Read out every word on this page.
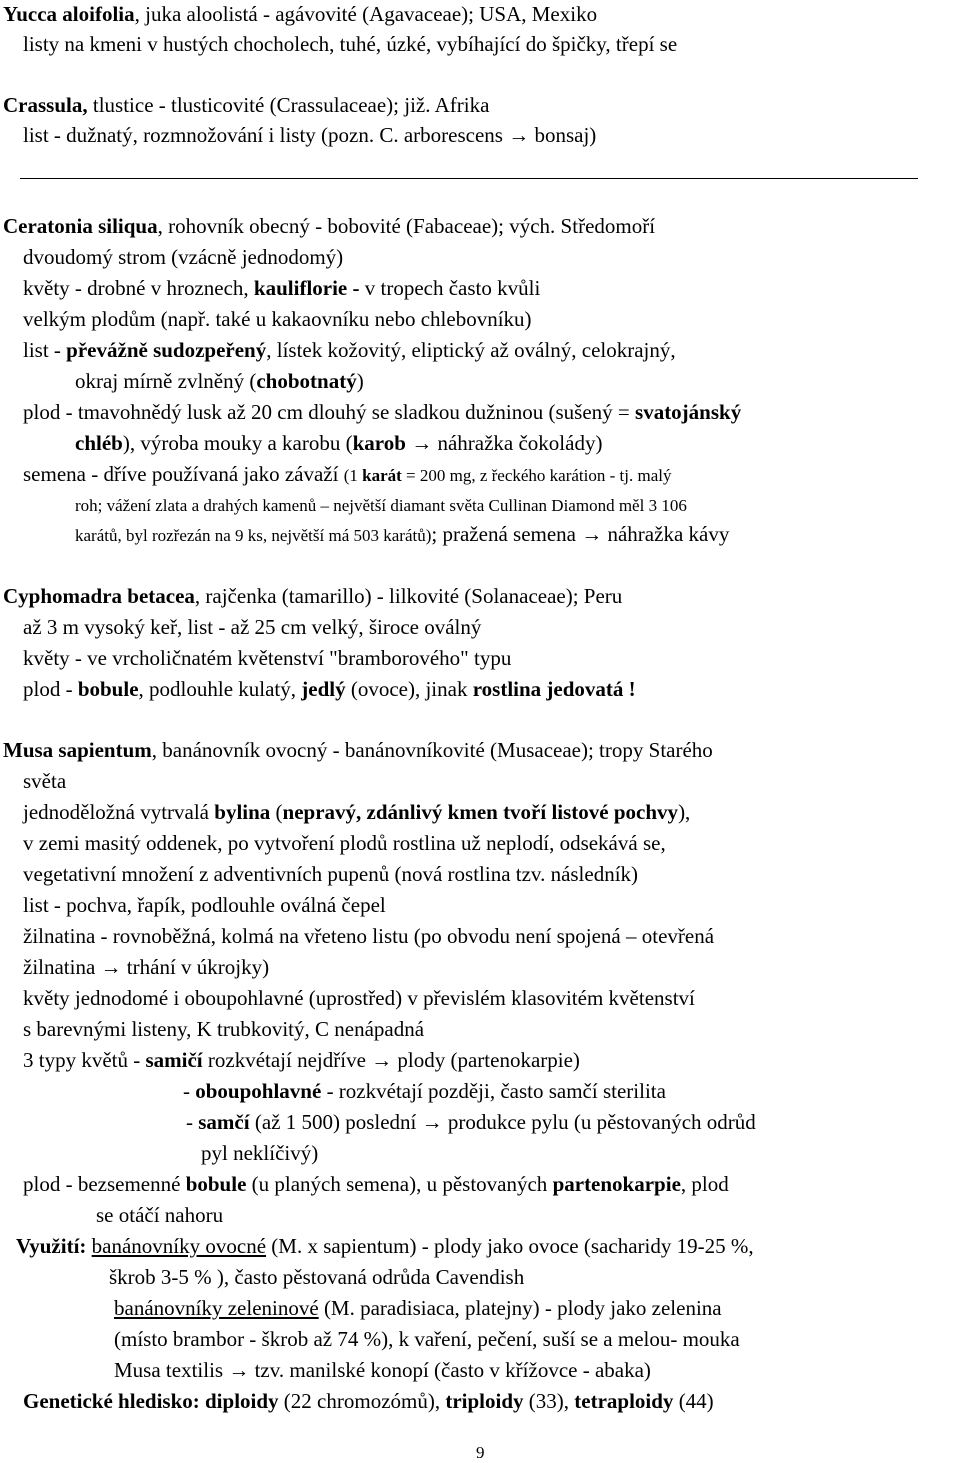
Yucca aloifolia, juka aloolistá - agávovité (Agavaceae); USA, Mexiko
listy na kmeni v hustých chocholech, tuhé, úzké, vybíhající do špičky, třepí se
Crassula, tlustice - tlusticovité (Crassulaceae); již. Afrika
list - dužnatý, rozmnožování i listy (pozn. C. arborescens → bonsaj)
Ceratonia siliqua, rohovník obecný - bobovité (Fabaceae); vých. Středomoří
dvoudomý strom (vzácně jednodomý)
květy - drobné v hroznech, kauliflorie - v tropech často kvůli
velkým plodům (např. také u kakaovníku nebo chlebovníku)
list - převážně sudozpeřený, lístek kožovitý, eliptický až oválný, celokrajný,
okraj mírně zvlněný (chobotnatý)
plod - tmavohnědý lusk až 20 cm dlouhý se sladkou dužninou (sušený = svatojánský
chléb), výroba mouky a karobu (karob → náhražka čokolády)
semena - dříve používaná jako závaží (1 karát = 200 mg, z řeckého karátion - tj. malý
roh; vážení zlata a drahých kamenů – největší diamant světa Cullinan Diamond měl 3 106
karátů, byl rozřezán na 9 ks, největší má 503 karátů); pražená semena → náhražka kávy
Cyphomadra betacea, rajčenka (tamarillo) - lilkovité (Solanaceae); Peru
až 3 m vysoký keř, list - až 25 cm velký, široce oválný
květy - ve vrcholičnatém květenství "bramborového" typu
plod - bobule, podlouhle kulatý, jedlý (ovoce), jinak rostlina jedovatá !
Musa sapientum, banánovník ovocný - banánovníkovité (Musaceae); tropy Starého
světa
jednoděložná vytrvalá bylina (nepravý, zdánlivý kmen tvoří listové pochvy),
v zemi masitý oddenek, po vytvoření plodů rostlina už neplodí, odsekává se,
vegetativní množení z adventivních pupenů (nová rostlina tzv. následník)
list - pochva, řapík, podlouhle oválná čepel
žilnatina - rovnoběžná, kolmá na vřeteno listu (po obvodu není spojená – otevřená
žilnatina → trhání v úkrojky)
květy jednodomé i oboupohlavné (uprostřed) v převislém klasovitém květenství
s barevnými listeny, K trubkovitý, C nenápadná
3 typy květů - samičí rozkvétají nejdříve → plody (partenokarpie)
- oboupohlavné - rozkvétají později, často samčí sterilita
- samčí (až 1 500) poslední → produkce pylu (u pěstovaných odrůd
pyl neklíčivý)
plod - bezsemenné bobule (u planých semena), u pěstovaných partenokarpie, plod
se otáčí nahoru
Využití: banánovníky ovocné (M. x sapientum) - plody jako ovoce (sacharidy 19-25 %,
škrob 3-5 % ), často pěstovaná odrůda Cavendish
banánovníky zeleninové (M. paradisiaca, platejny) - plody jako zelenina
(místo brambor - škrob až 74 %), k vaření, pečení, suší se a melou- mouka
Musa textilis → tzv. manilské konopí (často v křížovce - abaka)
Genetické hledisko: diploidy (22 chromozómů), triploidy (33), tetraploidy (44)
9
